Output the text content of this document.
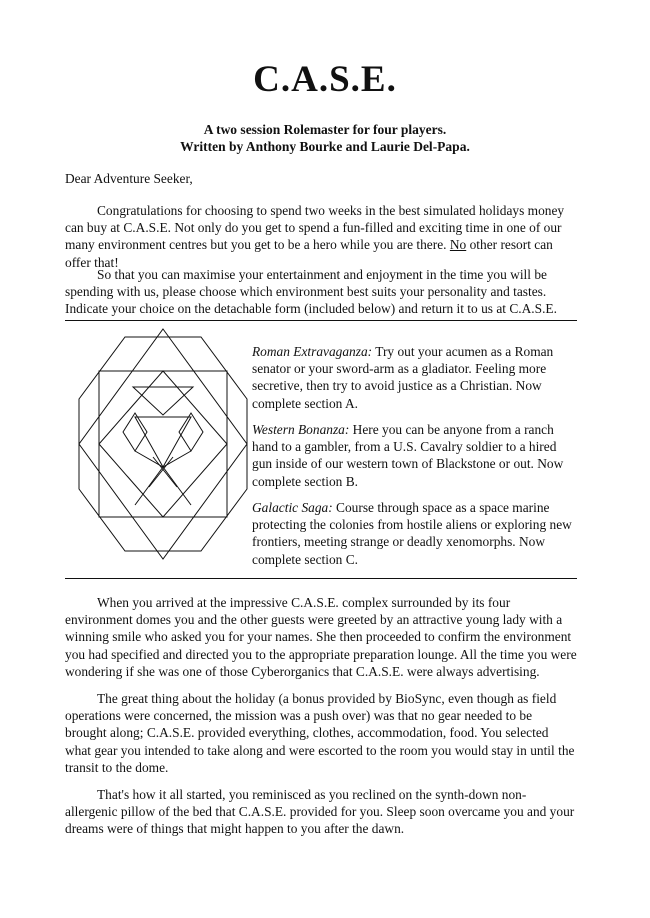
C.A.S.E.
A two session Rolemaster for four players.
Written by Anthony Bourke and Laurie Del-Papa.

Dear Adventure Seeker,

Congratulations for choosing to spend two weeks in the best simulated holidays money can buy at C.A.S.E. Not only do you get to spend a fun-filled and exciting time in one of our many environment centres but you get to be a hero while you are there. No other resort can offer that!

So that you can maximise your entertainment and enjoyment in the time you will be spending with us, please choose which environment best suits your personality and tastes. Indicate your choice on the detachable form (included below) and return it to us at C.A.S.E.

Roman Extravaganza: Try out your acumen as a Roman senator or your sword-arm as a gladiator. Feeling more secretive, then try to avoid justice as a Christian. Now complete section A.

Western Bonanza: Here you can be anyone from a ranch hand to a gambler, from a U.S. Cavalry soldier to a hired gun inside of our western town of Blackstone or out. Now complete section B.

Galactic Saga: Course through space as a space marine protecting the colonies from hostile aliens or exploring new frontiers, meeting strange or deadly xenomorphs. Now complete section C.

When you arrived at the impressive C.A.S.E. complex surrounded by its four environment domes you and the other guests were greeted by an attractive young lady with a winning smile who asked you for your names. She then proceeded to confirm the environment you had specified and directed you to the appropriate preparation lounge. All the time you were wondering if she was one of those Cyberorganics that C.A.S.E. were always advertising.

The great thing about the holiday (a bonus provided by BioSync, even though as field operations were concerned, the mission was a push over) was that no gear needed to be brought along; C.A.S.E. provided everything, clothes, accommodation, food. You selected what gear you intended to take along and were escorted to the room you would stay in until the transit to the dome.

That's how it all started, you reminisced as you reclined on the synth-down non-allergenic pillow of the bed that C.A.S.E. provided for you. Sleep soon overcame you and your dreams were of things that might happen to you after the dawn.
